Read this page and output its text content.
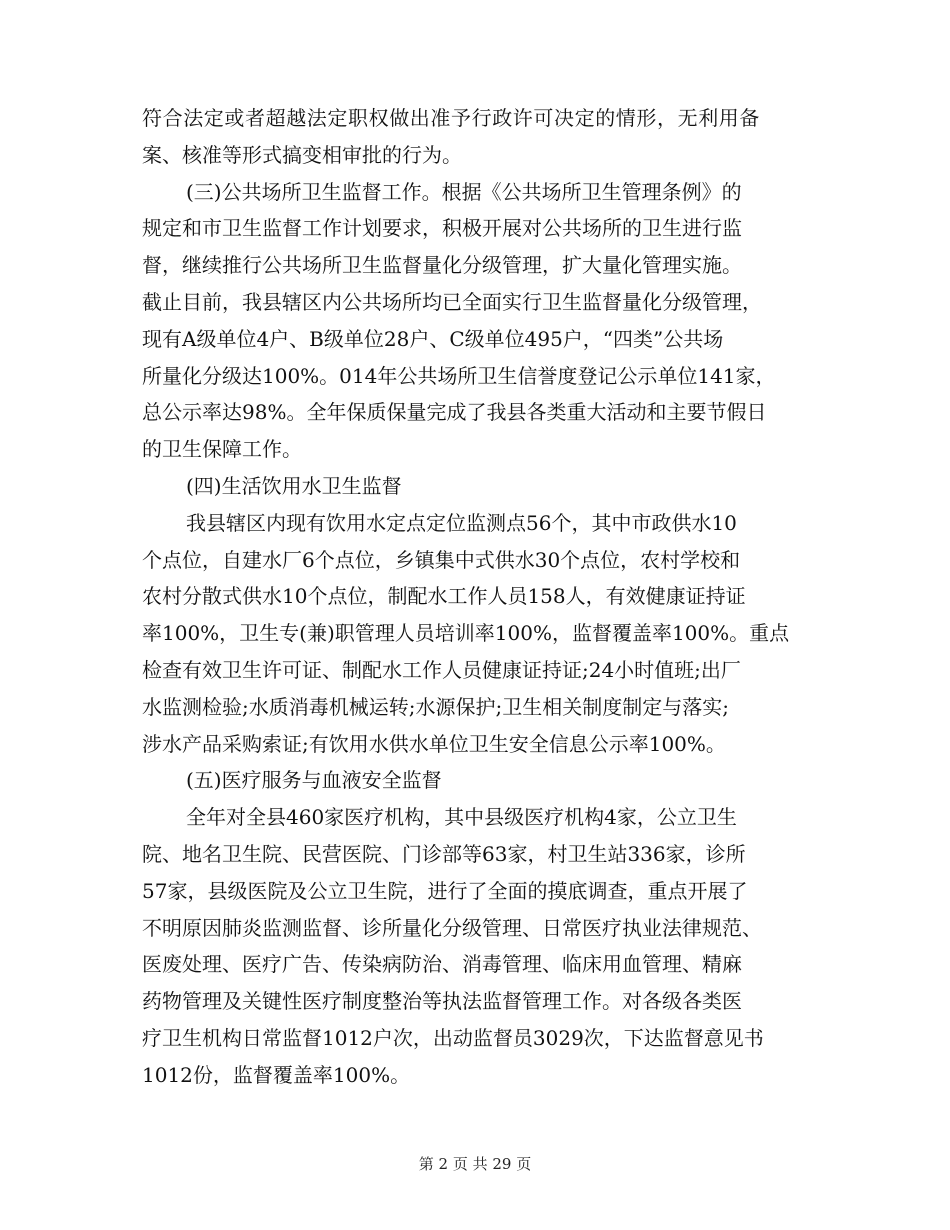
符合法定或者超越法定职权做出准予行政许可决定的情形，无利用备
案、核准等形式搞变相审批的行为。
(三)公共场所卫生监督工作。根据《公共场所卫生管理条例》的
规定和市卫生监督工作计划要求，积极开展对公共场所的卫生进行监
督，继续推行公共场所卫生监督量化分级管理，扩大量化管理实施。
截止目前，我县辖区内公共场所均已全面实行卫生监督量化分级管理，
现有A级单位4户、B级单位28户、C级单位495户，“四类”公共场
所量化分级达100%。014年公共场所卫生信誉度登记公示单位141家，
总公示率达98%。全年保质保量完成了我县各类重大活动和主要节假日
的卫生保障工作。
(四)生活饮用水卫生监督
我县辖区内现有饮用水定点定位监测点56个，其中市政供水10
个点位，自建水厂6个点位，乡镇集中式供水30个点位，农村学校和
农村分散式供水10个点位，制配水工作人员158人，有效健康证持证
率100%，卫生专(兼)职管理人员培训率100%，监督覆盖率100%。重点
检查有效卫生许可证、制配水工作人员健康证持证;24小时值班;出厂
水监测检验;水质消毒机械运转;水源保护;卫生相关制度制定与落实;
涉水产品采购索证;有饮用水供水单位卫生安全信息公示率100%。
(五)医疗服务与血液安全监督
全年对全县460家医疗机构，其中县级医疗机构4家，公立卫生
院、地名卫生院、民营医院、门诊部等63家，村卫生站336家，诊所
57家，县级医院及公立卫生院，进行了全面的摸底调查，重点开展了
不明原因肺炎监测监督、诊所量化分级管理、日常医疗执业法律规范、
医废处理、医疗广告、传染病防治、消毒管理、临床用血管理、精麻
药物管理及关键性医疗制度整治等执法监督管理工作。对各级各类医
疗卫生机构日常监督1012户次，出动监督员3029次，下达监督意见书
1012份，监督覆盖率100%。
第 2 页 共 29 页
